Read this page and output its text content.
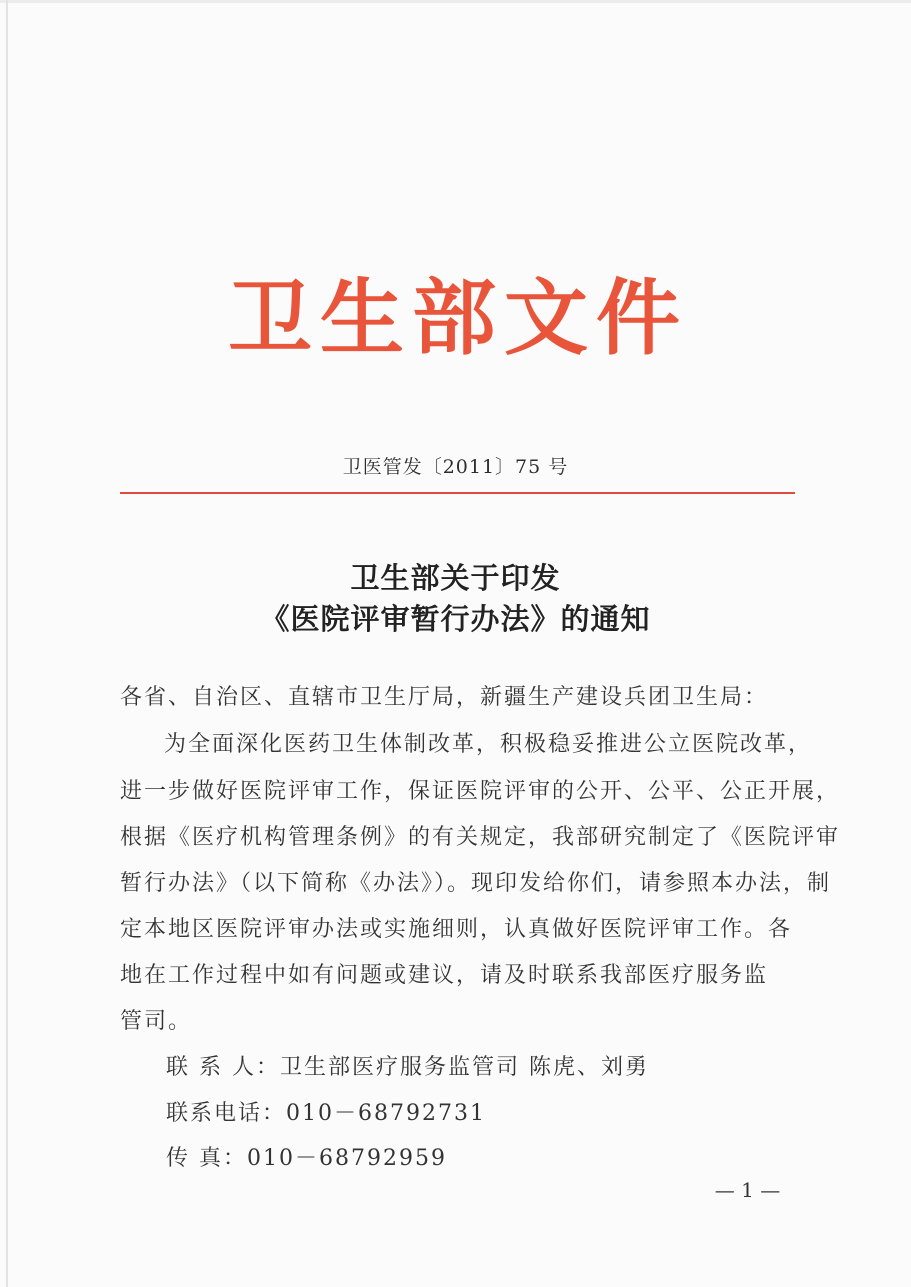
卫生部文件
卫医管发〔2011〕75 号
卫生部关于印发
《医院评审暂行办法》的通知
各省、自治区、直辖市卫生厅局，新疆生产建设兵团卫生局：
为全面深化医药卫生体制改革，积极稳妥推进公立医院改革，
进一步做好医院评审工作，保证医院评审的公开、公平、公正开展，
根据《医疗机构管理条例》的有关规定，我部研究制定了《医院评审
暂行办法》（以下简称《办法》）。现印发给你们，请参照本办法，制
定本地区医院评审办法或实施细则，认真做好医院评审工作。各
地在工作过程中如有问题或建议，请及时联系我部医疗服务监
管司。
联 系 人：卫生部医疗服务监管司 陈虎、刘勇
联系电话：010－68792731
传 真：010－68792959
— 1 —
